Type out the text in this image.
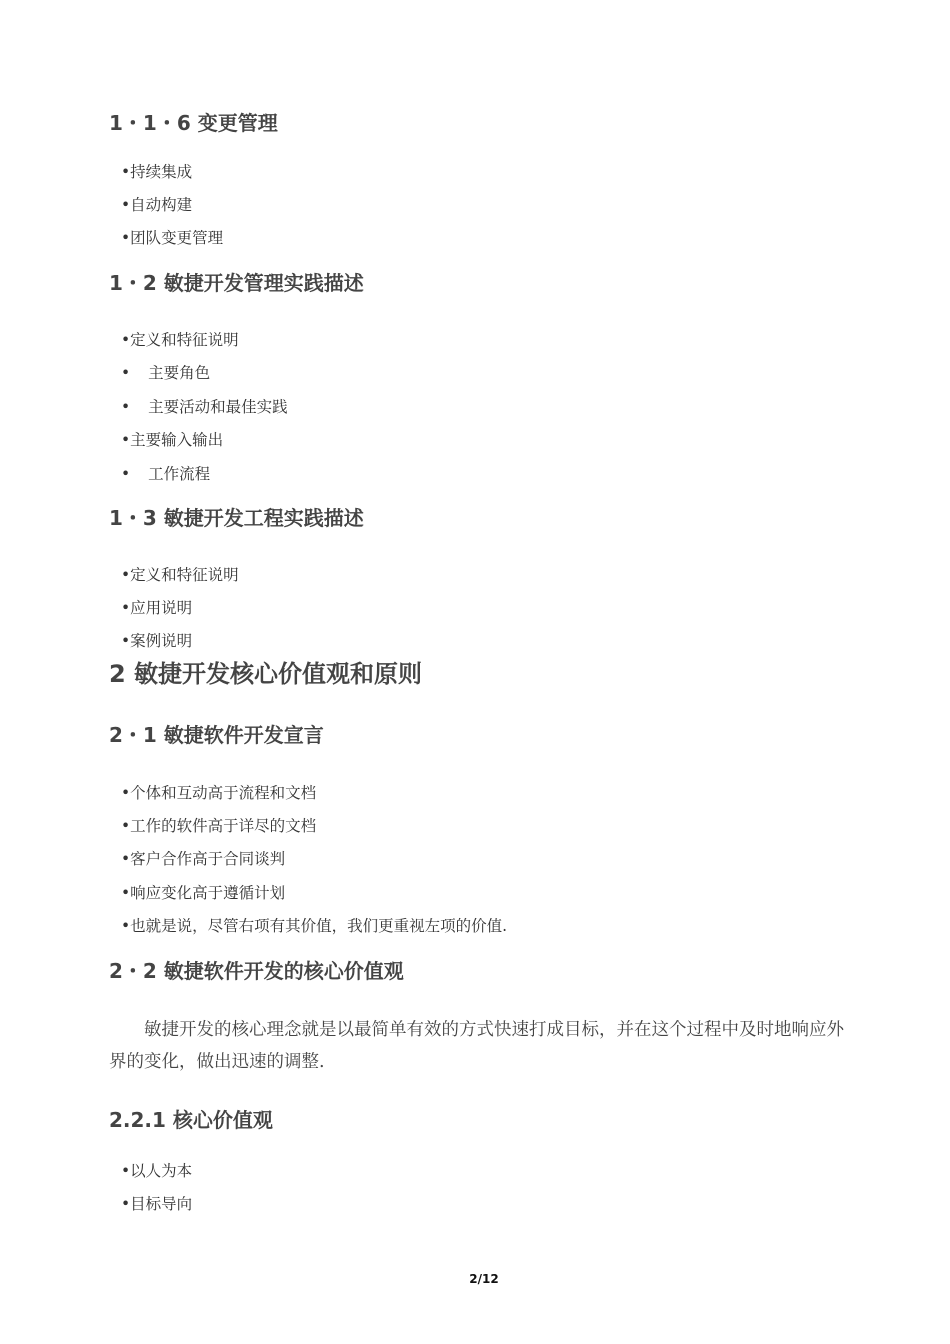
1・1・6 变更管理
•持续集成
•自动构建
•团队变更管理
1・2 敏捷开发管理实践描述
•定义和特征说明
• 主要角色
• 主要活动和最佳实践
•主要输入输出
• 工作流程
1・3 敏捷开发工程实践描述
•定义和特征说明
•应用说明
•案例说明
2 敏捷开发核心价值观和原则
2・1 敏捷软件开发宣言
•个体和互动高于流程和文档
•工作的软件高于详尽的文档
•客户合作高于合同谈判
•响应变化高于遵循计划
•也就是说，尽管右项有其价值，我们更重视左项的价值.
2・2 敏捷软件开发的核心价值观
敏捷开发的核心理念就是以最简单有效的方式快速打成目标，并在这个过程中及时地响应外界的变化，做出迅速的调整.
2.2.1 核心价值观
•以人为本
•目标导向
2/12
